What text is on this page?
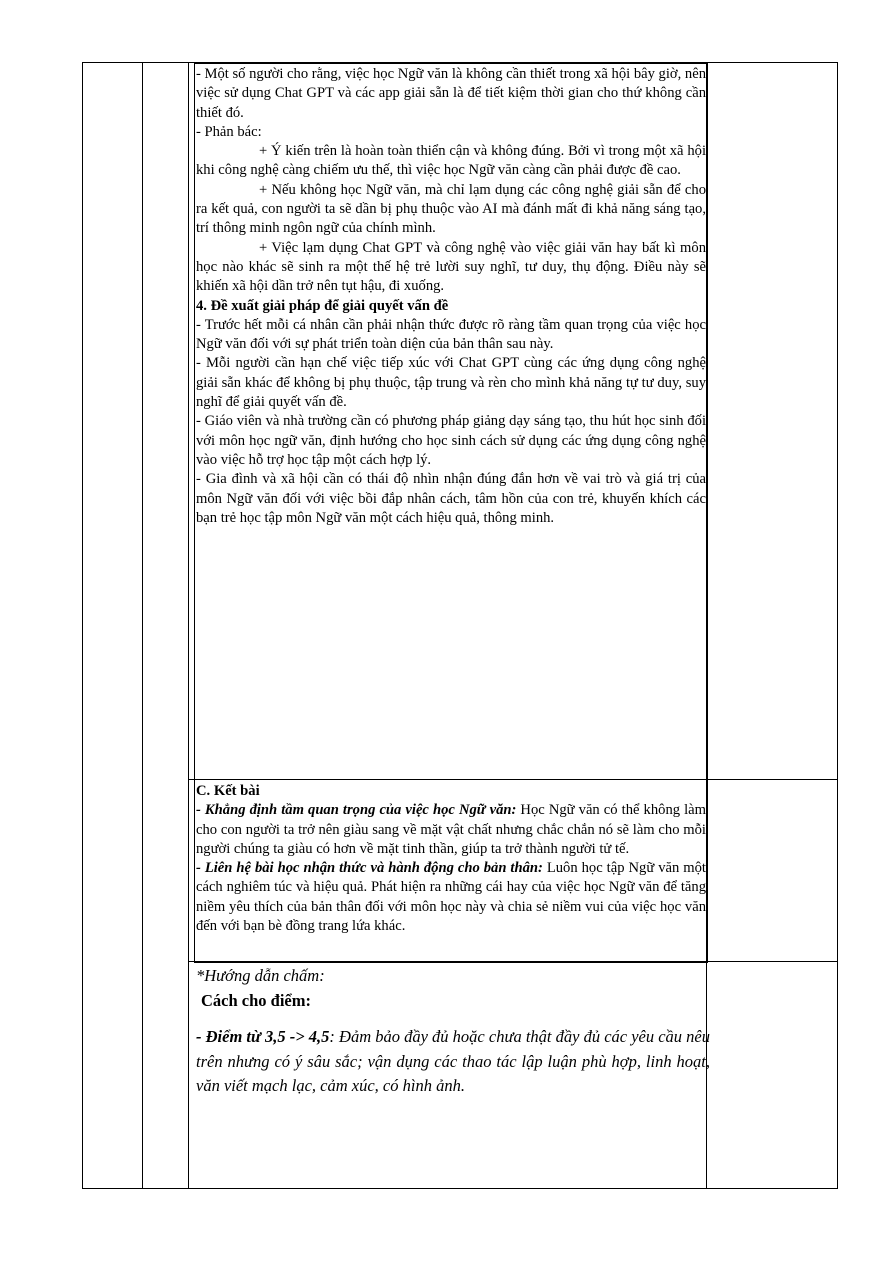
- Một số người cho rằng, việc học Ngữ văn là không cần thiết trong xã hội bây giờ, nên việc sử dụng Chat GPT và các app giải sẵn là để tiết kiệm thời gian cho thứ không cần thiết đó.

- Phản bác:

+ Ý kiến trên là hoàn toàn thiển cận và không đúng. Bởi vì trong một xã hội khi công nghệ càng chiếm ưu thế, thì việc học Ngữ văn càng cần phải được đề cao.

+ Nếu không học Ngữ văn, mà chỉ lạm dụng các công nghệ giải sẵn để cho ra kết quả, con người ta sẽ dần bị phụ thuộc vào AI mà đánh mất đi khả năng sáng tạo, trí thông minh ngôn ngữ của chính mình.

+ Việc lạm dụng Chat GPT và công nghệ vào việc giải văn hay bất kì môn học nào khác sẽ sinh ra một thế hệ trẻ lười suy nghĩ, tư duy, thụ động. Điều này sẽ khiến xã hội dần trở nên tụt hậu, đi xuống.

4. Đề xuất giải pháp để giải quyết vấn đề

- Trước hết mỗi cá nhân cần phải nhận thức được rõ ràng tầm quan trọng của việc học Ngữ văn đối với sự phát triển toàn diện của bản thân sau này.

- Mỗi người cần hạn chế việc tiếp xúc với Chat GPT cùng các ứng dụng công nghệ giải sẵn khác để không bị phụ thuộc, tập trung và rèn cho mình khả năng tự tư duy, suy nghĩ để giải quyết vấn đề.

- Giáo viên và nhà trường cần có phương pháp giảng dạy sáng tạo, thu hút học sinh đối với môn học ngữ văn, định hướng cho học sinh cách sử dụng các ứng dụng công nghệ vào việc hỗ trợ học tập một cách hợp lý.

- Gia đình và xã hội cần có thái độ nhìn nhận đúng đắn hơn về vai trò và giá trị của môn Ngữ văn đối với việc bồi đắp nhân cách, tâm hồn của con trẻ, khuyến khích các bạn trẻ học tập môn Ngữ văn một cách hiệu quả, thông minh.

C. Kết bài

- Khẳng định tầm quan trọng của việc học Ngữ văn: Học Ngữ văn có thể không làm cho con người ta trở nên giàu sang về mặt vật chất nhưng chắc chắn nó sẽ làm cho mỗi người chúng ta giàu có hơn về mặt tinh thần, giúp ta trở thành người tử tế.

- Liên hệ bài học nhận thức và hành động cho bản thân: Luôn học tập Ngữ văn một cách nghiêm túc và hiệu quả. Phát hiện ra những cái hay của việc học Ngữ văn để tăng niềm yêu thích của bản thân đối với môn học này và chia sẻ niềm vui của việc học văn đến với bạn bè đồng trang lứa khác.

*Hướng dẫn chấm:

Cách cho điểm:

- Điểm từ 3,5 -> 4,5: Đảm bảo đầy đủ hoặc chưa thật đầy đủ các yêu cầu nêu trên nhưng có ý sâu sắc; vận dụng các thao tác lập luận phù hợp, linh hoạt, văn viết mạch lạc, cảm xúc, có hình ảnh.
